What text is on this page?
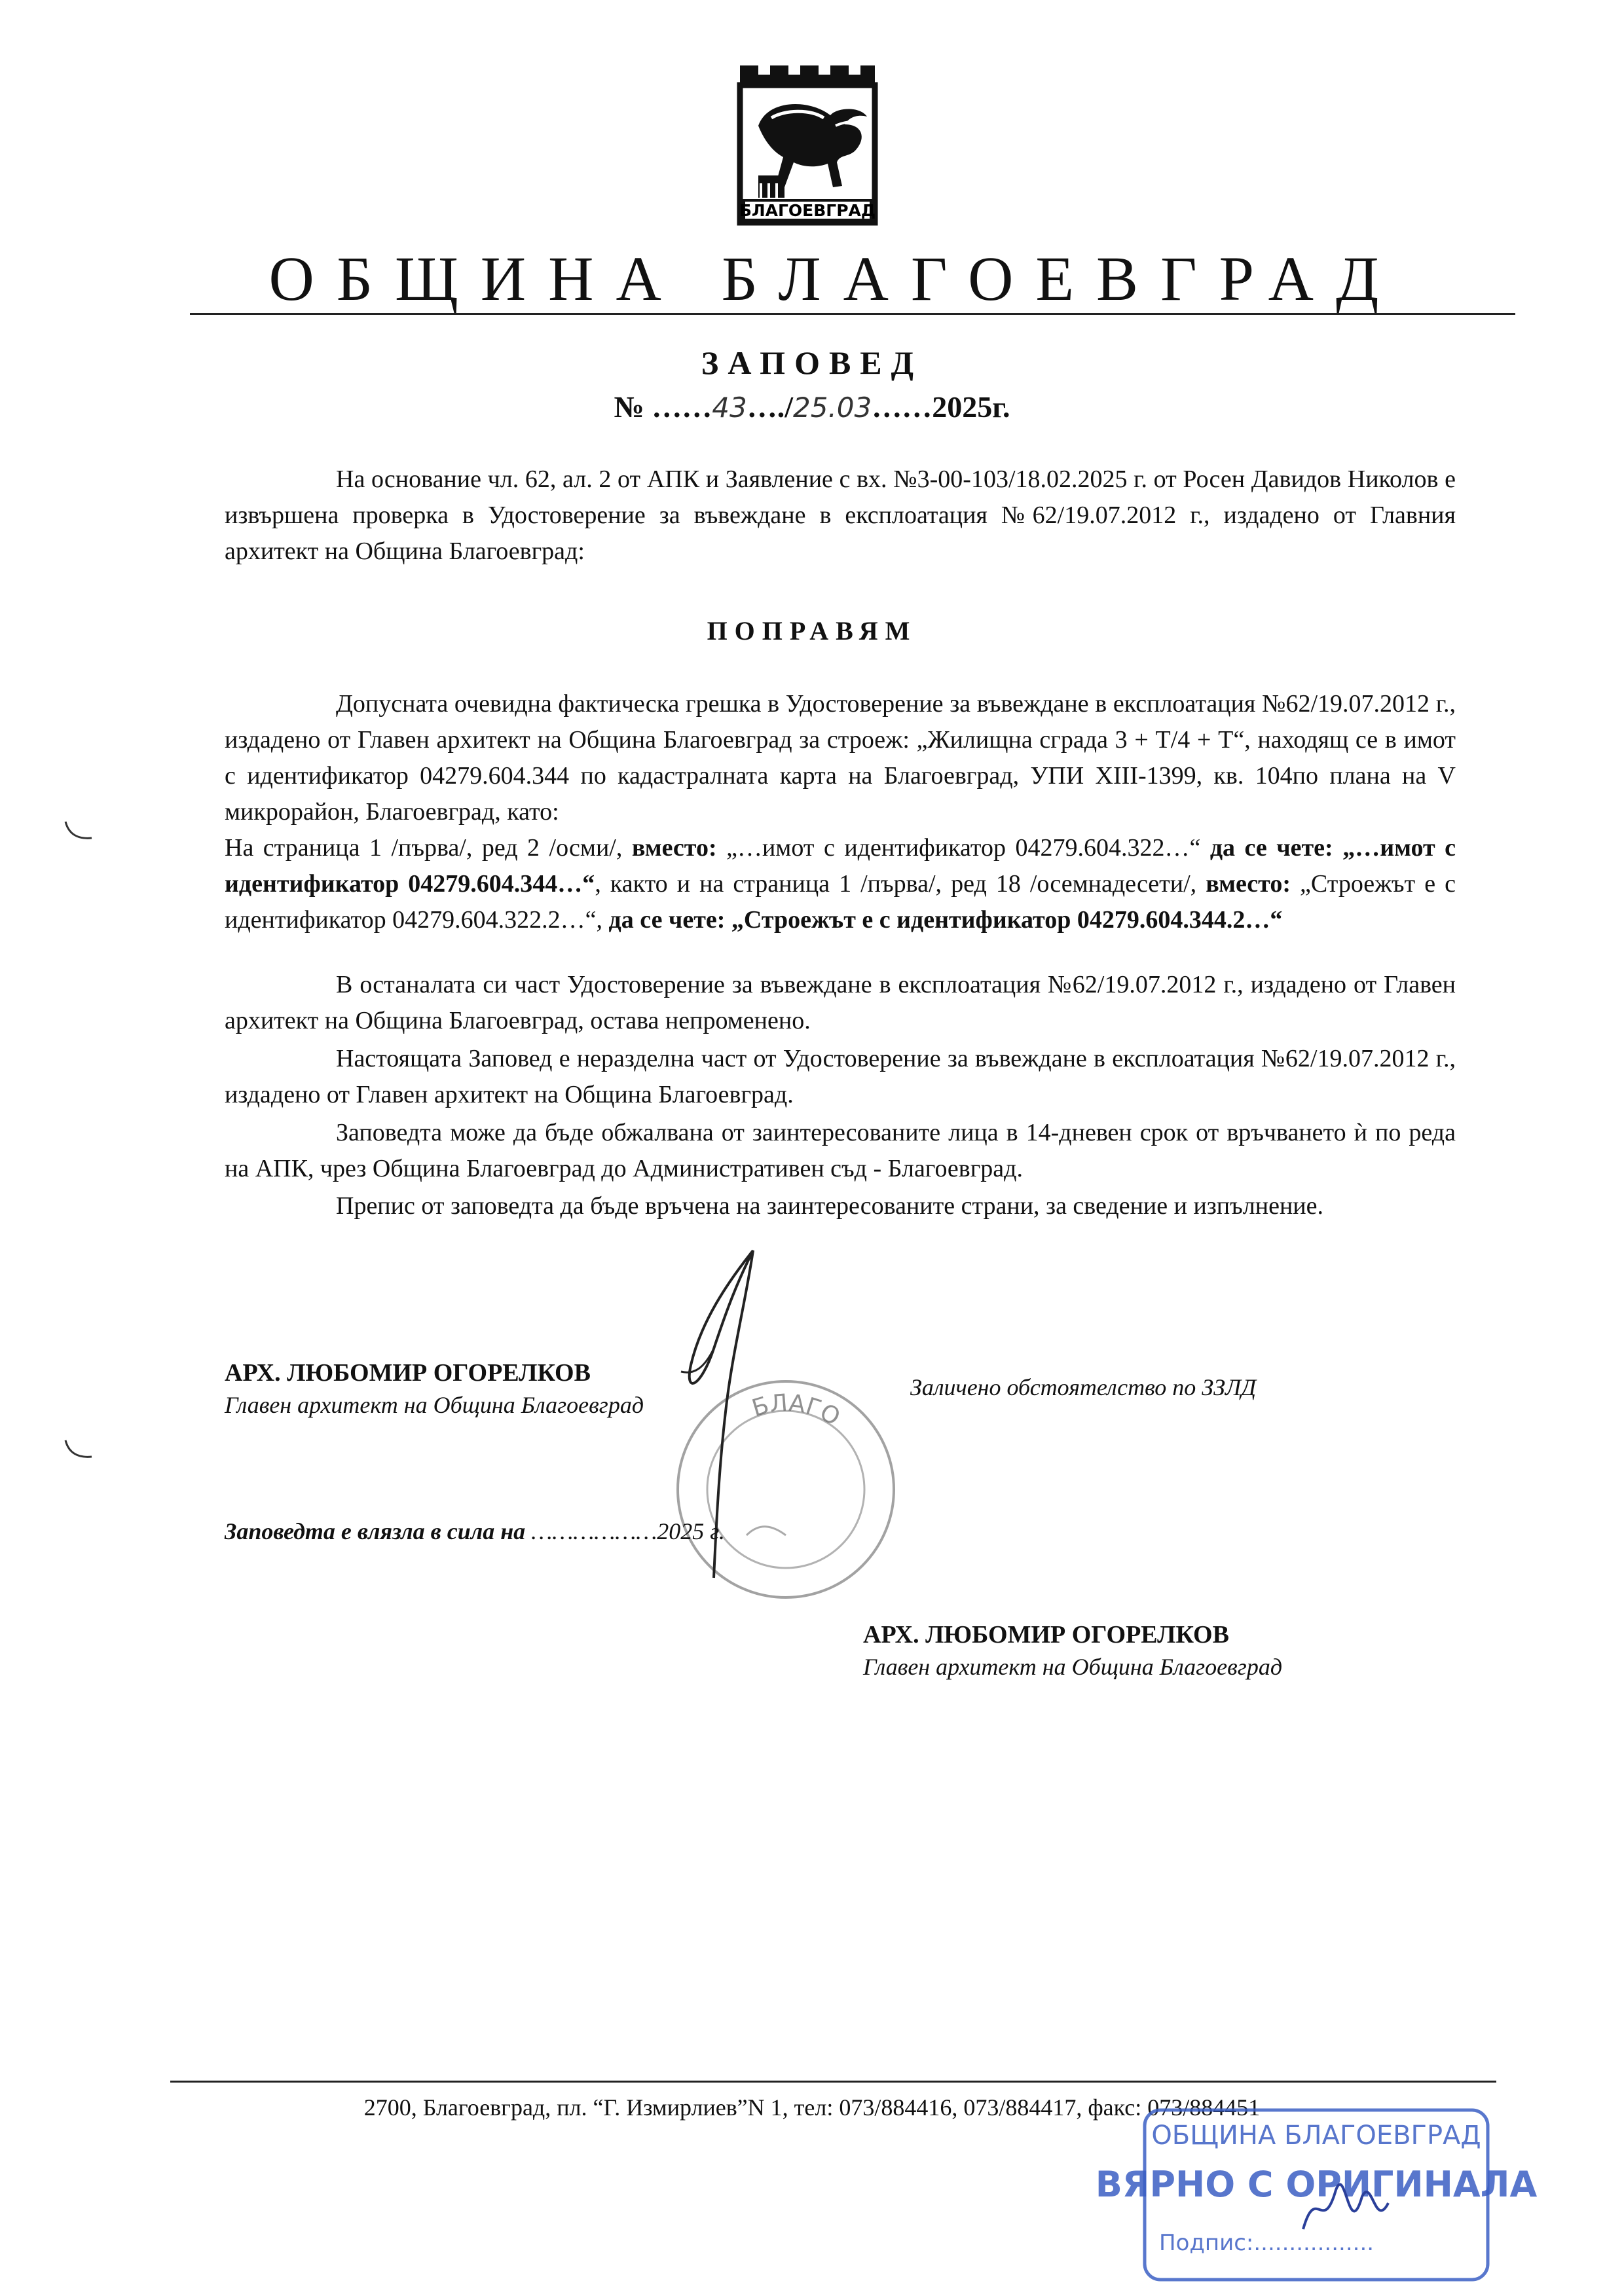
БЛАГОЕВГРАД
ОБЩИНА БЛАГОЕВГРАД
ЗАПОВЕД
№ ……43…./25.03……2025г.
На основание чл. 62, ал. 2 от АПК и Заявление с вх. №3-00-103/18.02.2025 г. от Росен Давидов Николов е извършена проверка в Удостоверение за въвеждане в експлоатация №62/19.07.2012 г., издадено от Главния архитект на Община Благоевград:
ПОПРАВЯМ
Допусната очевидна фактическа грешка в Удостоверение за въвеждане в експлоатация №62/19.07.2012 г., издадено от Главен архитект на Община Благоевград за строеж: „Жилищна сграда 3 + Т/4 + Т“, находящ се в имот с идентификатор 04279.604.344 по кадастралната карта на Благоевград, УПИ XIII-1399, кв. 104по плана на V микрорайон, Благоевград, като:
На страница 1 /първа/, ред 2 /осми/, вместо: „…имот с идентификатор 04279.604.322…“ да се чете: „…имот с идентификатор 04279.604.344…“, както и на страница 1 /първа/, ред 18 /осемнадесети/, вместо: „Строежът е с идентификатор 04279.604.322.2…“, да се чете: „Строежът е с идентификатор 04279.604.344.2…“
В останалата си част Удостоверение за въвеждане в експлоатация №62/19.07.2012 г., издадено от Главен архитект на Община Благоевград, остава непроменено.
Настоящата Заповед е неразделна част от Удостоверение за въвеждане в експлоатация №62/19.07.2012 г., издадено от Главен архитект на Община Благоевград.
Заповедта може да бъде обжалвана от заинтересованите лица в 14-дневен срок от връчването ѝ по реда на АПК, чрез Община Благоевград до Административен съд - Благоевград.
Препис от заповедта да бъде връчена на заинтересованите страни, за сведение и изпълнение.
БЛАГО
АРХ. ЛЮБОМИР ОГОРЕЛКОВ
Главен архитект на Община Благоевград
Заличено обстоятелство по ЗЗЛД
Заповедта е влязла в сила на ………………2025 г.
АРХ. ЛЮБОМИР ОГОРЕЛКОВ
Главен архитект на Община Благоевград
2700, Благоевград, пл. “Г. Измирлиев”N 1, тел: 073/884416, 073/884417, факс: 073/884451
ОБЩИНА БЛАГОЕВГРАД
ВЯРНО С ОРИГИНАЛА
Подпис:.................
